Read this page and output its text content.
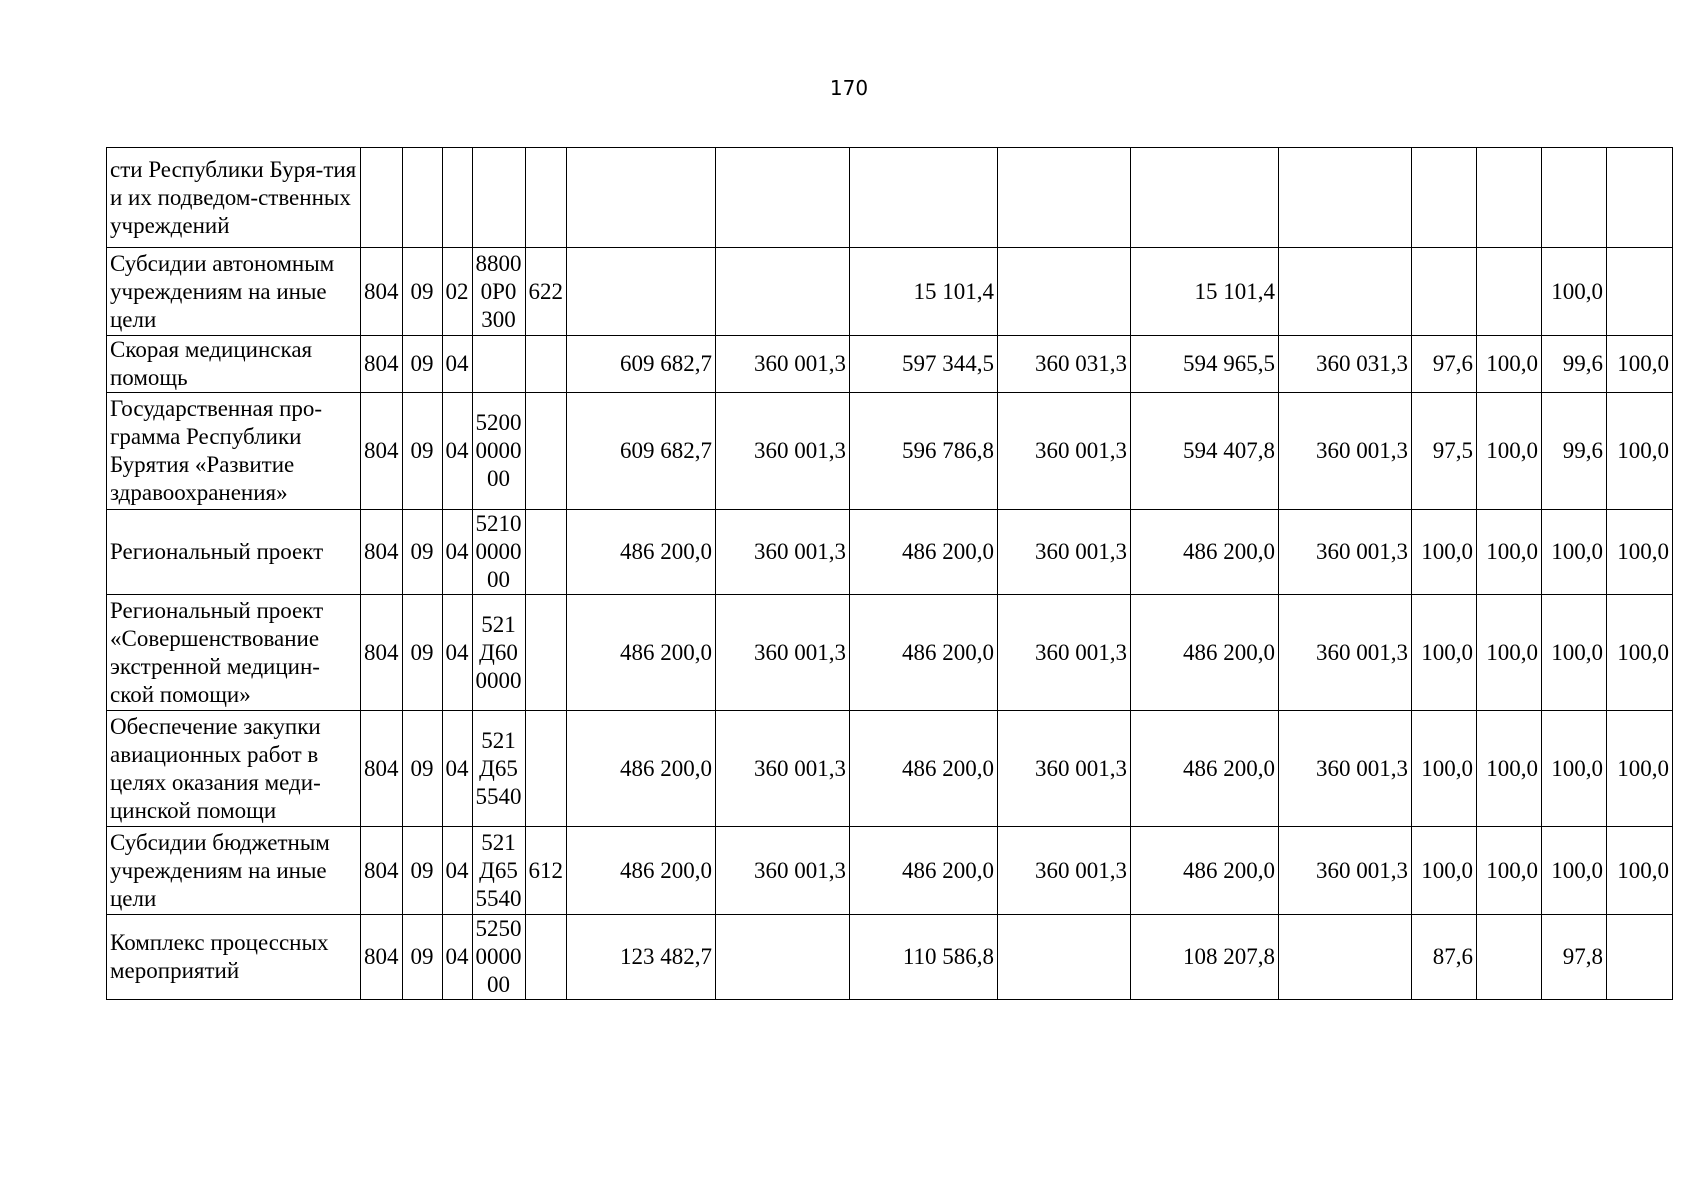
170
сти Республики Буря-тия и их подведом-ственных учреждений															
Субсидии автономным учреждениям на иные цели	804	09	02	88000Р0300	622			15 101,4		15 101,4				100,0	
Скорая медицинская помощь	804	09	04			609 682,7	360 001,3	597 344,5	360 031,3	594 965,5	360 031,3	97,6	100,0	99,6	100,0
Государственная про-грамма Республики Бурятия «Развитие здравоохранения»	804	09	04	5200000000		609 682,7	360 001,3	596 786,8	360 001,3	594 407,8	360 001,3	97,5	100,0	99,6	100,0
Региональный проект	804	09	04	5210000000		486 200,0	360 001,3	486 200,0	360 001,3	486 200,0	360 001,3	100,0	100,0	100,0	100,0
Региональный проект «Совершенствование экстренной медицин-ской помощи»	804	09	04	521Д600000		486 200,0	360 001,3	486 200,0	360 001,3	486 200,0	360 001,3	100,0	100,0	100,0	100,0
Обеспечение закупки авиационных работ в целях оказания меди-цинской помощи	804	09	04	521Д655540		486 200,0	360 001,3	486 200,0	360 001,3	486 200,0	360 001,3	100,0	100,0	100,0	100,0
Субсидии бюджетным учреждениям на иные цели	804	09	04	521Д655540	612	486 200,0	360 001,3	486 200,0	360 001,3	486 200,0	360 001,3	100,0	100,0	100,0	100,0
Комплекс процессных мероприятий	804	09	04	5250000000		123 482,7		110 586,8		108 207,8		87,6		97,8	
